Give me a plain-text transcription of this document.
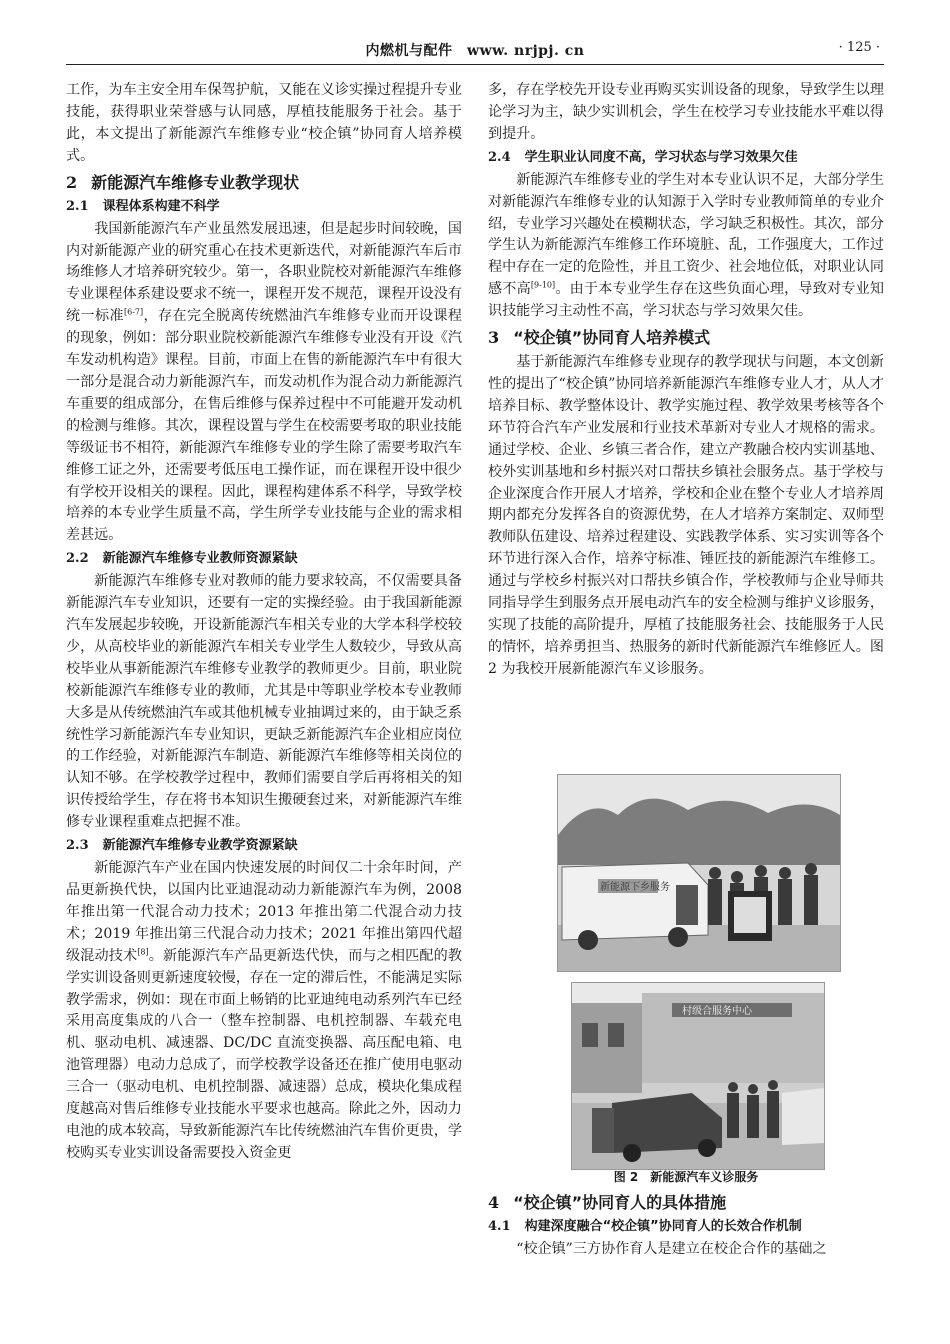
内燃机与配件　www. nrjpj. cn	· 125 ·

工作，为车主安全用车保驾护航，又能在义诊实操过程提升专业技能，获得职业荣誉感与认同感，厚植技能服务于社会。基于此，本文提出了新能源汽车维修专业“校企镇”协同育人培养模式。

2 新能源汽车维修专业教学现状
2.1 课程体系构建不科学

我国新能源汽车产业虽然发展迅速，但是起步时间较晚，国内对新能源产业的研究重心在技术更新迭代，对新能源汽车后市场维修人才培养研究较少。第一，各职业院校对新能源汽车维修专业课程体系建设要求不统一，课程开发不规范，课程开设没有统一标准[6-7]，存在完全脱离传统燃油汽车维修专业而开设课程的现象，例如：部分职业院校新能源汽车维修专业没有开设《汽车发动机构造》课程。目前，市面上在售的新能源汽车中有很大一部分是混合动力新能源汽车，而发动机作为混合动力新能源汽车重要的组成部分，在售后维修与保养过程中不可能避开发动机的检测与维修。其次，课程设置与学生在校需要考取的职业技能等级证书不相符，新能源汽车维修专业的学生除了需要考取汽车维修工证之外，还需要考低压电工操作证，而在课程开设中很少有学校开设相关的课程。因此，课程构建体系不科学，导致学校培养的本专业学生质量不高，学生所学专业技能与企业的需求相差甚远。

2.2 新能源汽车维修专业教师资源紧缺

新能源汽车维修专业对教师的能力要求较高，不仅需要具备新能源汽车专业知识，还要有一定的实操经验。由于我国新能源汽车发展起步较晚，开设新能源汽车相关专业的大学本科学校较少，从高校毕业的新能源汽车相关专业学生人数较少，导致从高校毕业从事新能源汽车维修专业教学的教师更少。目前，职业院校新能源汽车维修专业的教师，尤其是中等职业学校本专业教师大多是从传统燃油汽车或其他机械专业抽调过来的，由于缺乏系统性学习新能源汽车专业知识，更缺乏新能源汽车企业相应岗位的工作经验，对新能源汽车制造、新能源汽车维修等相关岗位的认知不够。在学校教学过程中，教师们需要自学后再将相关的知识传授给学生，存在将书本知识生搬硬套过来，对新能源汽车维修专业课程重难点把握不准。

2.3 新能源汽车维修专业教学资源紧缺

新能源汽车产业在国内快速发展的时间仅二十余年时间，产品更新换代快，以国内比亚迪混动动力新能源汽车为例，2008 年推出第一代混合动力技术；2013 年推出第二代混合动力技术；2019 年推出第三代混合动力技术；2021 年推出第四代超级混动技术[8]。新能源汽车产品更新迭代快，而与之相匹配的教学实训设备则更新速度较慢，存在一定的滞后性，不能满足实际教学需求，例如：现在市面上畅销的比亚迪纯电动系列汽车已经采用高度集成的八合一（整车控制器、电机控制器、车载充电机、驱动电机、减速器、DC/DC 直流变换器、高压配电箱、电池管理器）电动力总成了，而学校教学设备还在推广使用电驱动三合一（驱动电机、电机控制器、减速器）总成，模块化集成程度越高对售后维修专业技能水平要求也越高。除此之外，因动力电池的成本较高，导致新能源汽车比传统燃油汽车售价更贵，学校购买专业实训设备需要投入资金更

多，存在学校先开设专业再购买实训设备的现象，导致学生以理论学习为主，缺少实训机会，学生在校学习专业技能水平难以得到提升。

2.4 学生职业认同度不高，学习状态与学习效果欠佳

新能源汽车维修专业的学生对本专业认识不足，大部分学生对新能源汽车维修专业的认知源于入学时专业教师简单的专业介绍，专业学习兴趣处在模糊状态，学习缺乏积极性。其次，部分学生认为新能源汽车维修工作环境脏、乱，工作强度大，工作过程中存在一定的危险性，并且工资少、社会地位低，对职业认同感不高[9-10]。由于本专业学生存在这些负面心理，导致对专业知识技能学习主动性不高，学习状态与学习效果欠佳。

3 “校企镇”协同育人培养模式

基于新能源汽车维修专业现存的教学现状与问题，本文创新性的提出了“校企镇”协同培养新能源汽车维修专业人才，从人才培养目标、教学整体设计、教学实施过程、教学效果考核等各个环节符合汽车产业发展和行业技术革新对专业人才规格的需求。通过学校、企业、乡镇三者合作，建立产教融合校内实训基地、校外实训基地和乡村振兴对口帮扶乡镇社会服务点。基于学校与企业深度合作开展人才培养，学校和企业在整个专业人才培养周期内都充分发挥各自的资源优势，在人才培养方案制定、双师型教师队伍建设、培养过程建设、实践教学体系、实习实训等各个环节进行深入合作，培养守标准、锤匠技的新能源汽车维修工。通过与学校乡村振兴对口帮扶乡镇合作，学校教师与企业导师共同指导学生到服务点开展电动汽车的安全检测与维护义诊服务，实现了技能的高阶提升，厚植了技能服务社会、技能服务于人民的情怀，培养勇担当、热服务的新时代新能源汽车维修匠人。图 2 为我校开展新能源汽车义诊服务。

新能源下乡服务
村级合服务中心
图 2　新能源汽车义诊服务
4 “校企镇”协同育人的具体措施
4.1 构建深度融合“校企镇”协同育人的长效合作机制

“校企镇”三方协作育人是建立在校企合作的基础之
